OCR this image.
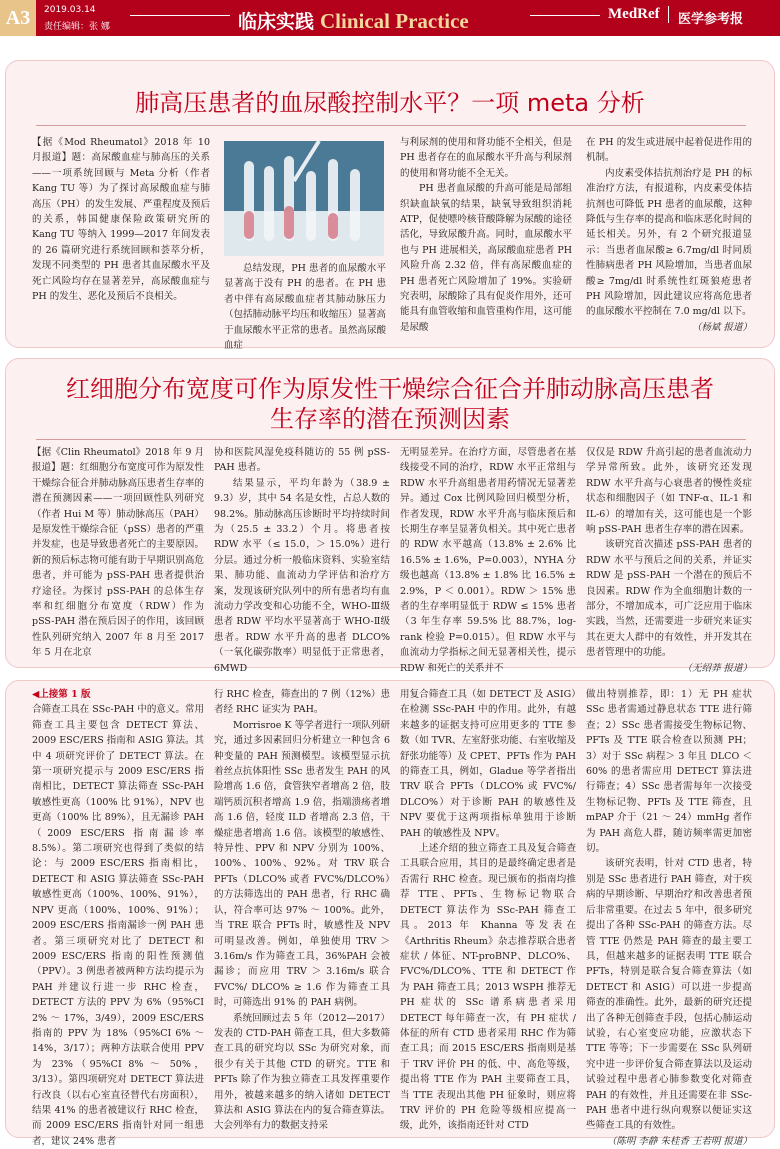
A3	2019.03.14
责任编辑：张 娜	临床实践 Clinical Practice	MedRef	医学参考报
肺高压患者的血尿酸控制水平？一项 meta 分析

【据《Mod Rheumatol》2018 年 10 月报道】题：高尿酸血症与肺高压的关系——一项系统回顾与 Meta 分析（作者 Kang TU 等）为了探讨高尿酸血症与肺高压（PH）的发生发展、严重程度及预后的关系，韩国健康保险政策研究所的 Kang TU 等纳入 1999—2017 年间发表的 26 篇研究进行系统回顾和荟萃分析，发现不同类型的 PH 患者其血尿酸水平及死亡风险均存在显著差异，高尿酸血症与 PH 的发生、恶化及预后不良相关。

总结发现，PH 患者的血尿酸水平显著高于没有 PH 的患者。在 PH 患者中伴有高尿酸血症者其肺动脉压力（包括肺动脉平均压和收缩压）显著高于血尿酸水平正常的患者。虽然高尿酸血症

与利尿剂的使用和肾功能不全相关，但是 PH 患者存在的血尿酸水平升高与利尿剂的使用和肾功能不全无关。

PH 患者血尿酸的升高可能是局部组织缺血缺氧的结果，缺氧导致组织消耗 ATP，促使嘌呤核苷酸降解为尿酸的途径活化，导致尿酸升高。同时，血尿酸水平也与 PH 进展相关，高尿酸血症患者 PH 风险升高 2.32 倍，伴有高尿酸血症的 PH 患者死亡风险增加了 19%。实验研究表明，尿酸除了具有促炎作用外，还可能具有血管收缩和血管重构作用，这可能是尿酸

在 PH 的发生或进展中起着促进作用的机制。

内皮素受体拮抗剂治疗是 PH 的标准治疗方法，有报道称，内皮素受体拮抗剂也可降低 PH 患者的血尿酸，这种降低与生存率的提高和临床恶化时间的延长相关。另外，有 2 个研究报道显示：当患者血尿酸≥ 6.7mg/dl 时同质性肺病患者 PH 风险增加，当患者血尿酸≥ 7mg/dl 时系统性红斑狼疮患者 PH 风险增加，因此建议应将高危患者的血尿酸水平控制在 7.0 mg/dl 以下。

（杨斌 报道）

红细胞分布宽度可作为原发性干燥综合征合并肺动脉高压患者
生存率的潜在预测因素

【据《Clin Rheumatol》2018 年 9 月报道】题：红细胞分布宽度可作为原发性干燥综合征合并肺动脉高压患者生存率的潜在预测因素——一项回顾性队列研究（作者 Hui M 等）肺动脉高压（PAH）是原发性干燥综合征（pSS）患者的严重并发症，也是导致患者死亡的主要原因。新的预后标志物可能有助于早期识别高危患者，并可能为 pSS-PAH 患者提供治疗途径。为探讨 pSS-PAH 的总体生存率和红细胞分布宽度（RDW）作为 pSS-PAH 潜在预后因子的作用，该回顾性队列研究纳入 2007 年 8 月至 2017 年 5 月在北京

协和医院风湿免疫科随访的 55 例 pSS-PAH 患者。

结果显示，平均年龄为（38.9 ± 9.3）岁，其中 54 名是女性，占总人数的 98.2%。肺动脉高压诊断时平均持续时间为（25.5 ± 33.2）个月。将患者按 RDW 水平（≤ 15.0，＞ 15.0%）进行分层。通过分析一般临床资料、实验室结果、肺功能、血流动力学评估和治疗方案，发现该研究队列中的所有患者均有血流动力学改变和心功能不全，WHO-Ⅲ级患者 RDW 平均水平显著高于 WHO-Ⅱ级患者。RDW 水平升高的患者 DLCO%（一氧化碳弥散率）明显低于正常患者，6MWD

无明显差异。在治疗方面，尽管患者在基线接受不同的治疗，RDW 水平正常组与 RDW 水平升高组患者用药情况无显著差异。通过 Cox 比例风险回归模型分析，作者发现，RDW 水平升高与临床预后和长期生存率呈显著负相关。其中死亡患者的 RDW 水平越高（13.8% ± 2.6% 比 16.5% ± 1.6%，P=0.003），NYHA 分级也越高（13.8% ± 1.8% 比 16.5% ± 2.9%，P ＜ 0.001）。RDW ＞ 15% 患者的生存率明显低于 RDW ≤ 15% 患者（3 年生存率 59.5% 比 88.7%，log-rank 检验 P=0.015）。但 RDW 水平与血流动力学指标之间无显著相关性，提示 RDW 和死亡的关系并不

仅仅是 RDW 升高引起的患者血流动力学异常所致。此外，该研究还发现 RDW 水平升高与心衰患者的慢性炎症状态和细胞因子（如 TNF-α、IL-1 和 IL-6）的增加有关，这可能也是一个影响 pSS-PAH 患者生存率的潜在因素。

该研究首次描述 pSS-PAH 患者的 RDW 水平与预后之间的关系，并证实 RDW 是 pSS-PAH 一个潜在的预后不良因素。RDW 作为全血细胞计数的一部分，不增加成本，可广泛应用于临床实践，当然，还需要进一步研究来证实其在更大人群中的有效性，并开发其在患者管理中的功能。

（无绍莽 报道）

◀上接第 1 版

合筛查工具在 SSc-PAH 中的意义。常用筛查工具主要包含 DETECT 算法、2009 ESC/ERS 指南和 ASIG 算法。其中 4 项研究评价了 DETECT 算法。在第一项研究提示与 2009 ESC/ERS 指南相比，DETECT 算法筛查 SSc-PAH 敏感性更高（100% 比 91%），NPV 也更高（100% 比 89%），且无漏诊 PAH（2009 ESC/ERS 指南漏诊率 8.5%）。第二项研究也得到了类似的结论：与 2009 ESC/ERS 指南相比，DETECT 和 ASIG 算法筛查 SSc-PAH 敏感性更高（100%、100%、91%），NPV 更高（100%、100%、91%）；2009 ESC/ERS 指南漏诊一例 PAH 患者。第三项研究对比了 DETECT 和 2009 ESC/ERS 指南的阳性预测值（PPV）。3 例患者被两种方法均提示为 PAH 并建议行进一步 RHC 检查，DETECT 方法的 PPV 为 6%（95%CI 2% ～ 17%，3/49），2009 ESC/ERS 指南的 PPV 为 18%（95%CI 6% ～ 14%，3/17）；两种方法联合使用 PPV 为 23%（95%CI 8% ～ 50%，3/13）。第四项研究对 DETECT 算法进行改良（以右心室直径替代右房面积），结果 41% 的患者被建议行 RHC 检查，而 2009 ESC/ERS 指南针对同一组患者，建议 24% 患者

行 RHC 检查，筛查出的 7 例（12%）患者经 RHC 证实为 PAH。

Morrisroe K 等学者进行一项队列研究，通过多因素回归分析建立一种包含 6 种变量的 PAH 预测模型。该模型显示抗着丝点抗体阳性 SSc 患者发生 PAH 的风险增高 1.6 倍，食管狭窄者增高 2 倍，肢端钙质沉积者增高 1.9 倍，指端溃疡者增高 1.6 倍，轻度 ILD 者增高 2.3 倍，干燥症患者增高 1.6 倍。该模型的敏感性、特异性、PPV 和 NPV 分别为 100%、100%、100%、92%。对 TRV 联合 PFTs（DLCO% 或者 FVC%/DLCO%）的方法筛选出的 PAH 患者，行 RHC 确认，符合率可达 97% ～ 100%。此外，当 TRE 联合 PFTs 时，敏感性及 NPV 可明显改善。例如，单独使用 TRV ＞ 3.16m/s 作为筛查工具，36%PAH 会被漏诊；而应用 TRV ＞ 3.16m/s 联合 FVC%/ DLCO% ≥ 1.6 作为筛查工具时，可筛选出 91% 的 PAH 病例。

系统回顾过去 5 年（2012—2017）发表的 CTD-PAH 筛查工具，但大多数筛查工具的研究均以 SSc 为研究对象，而很少有关于其他 CTD 的研究。TTE 和 PFTs 除了作为独立筛查工具发挥重要作用外，被越来越多的纳入诸如 DETECT 算法和 ASIG 算法在内的复合筛查算法。大会列举有力的数据支持采

用复合筛查工具（如 DETECT 及 ASIG）在检测 SSc-PAH 中的作用。此外，有越来越多的证据支持可应用更多的 TTE 参数（如 TVR、左室舒张功能、右室收缩及舒张功能等）及 CPET、PFTs 作为 PAH 的筛查工具，例如，Gladue 等学者指出 TRV 联合 PFTs（DLCO% 或 FVC%/ DLCO%）对于诊断 PAH 的敏感性及 NPV 要优于这两项指标单独用于诊断 PAH 的敏感性及 NPV。

上述介绍的独立筛查工具及复合筛查工具联合应用，其目的是最终确定患者是否需行 RHC 检查。现已颁布的指南均推荐 TTE、PFTs、生物标记物联合 DETECT 算法作为 SSc-PAH 筛查工具。2013 年 Khanna 等发表在《Arthritis Rheum》杂志推荐联合患者症状 / 体征、NT-proBNP、DLCO%、FVC%/DLCO%、TTE 和 DETECT 作为 PAH 筛查工具；2013 WSPH 推荐无 PH 症状的 SSc 谱系病患者采用 DETECT 每年筛查一次，有 PH 症状 / 体征的所有 CTD 患者采用 RHC 作为筛查工具；而 2015 ESC/ERS 指南则是基于 TRV 评价 PH 的低、中、高危等级，提出将 TTE 作为 PAH 主要筛查工具，当 TTE 表现出其他 PH 征象时，则应将 TRV 评价的 PH 危险等级相应提高一级，此外，该指南还针对 CTD

做出特别推荐，即：1）无 PH 症状 SSc 患者需通过静息状态 TTE 进行筛查；2）SSc 患者需接受生物标记物、PFTs 及 TTE 联合检查以预测 PH；3）对于 SSc 病程＞ 3 年且 DLCO ＜ 60% 的患者需应用 DETECT 算法进行筛查；4）SSc 患者需每年一次接受生物标记物、PFTs 及 TTE 筛查，且 mPAP 介于（21 ～ 24）mmHg 者作为 PAH 高危人群，随访频率需更加密切。

该研究表明，针对 CTD 患者，特别是 SSc 患者进行 PAH 筛查，对于疾病的早期诊断、早期治疗和改善患者预后非常重要。在过去 5 年中，很多研究提出了各种 SSc-PAH 的筛查方法。尽管 TTE 仍然是 PAH 筛查的最主要工具，但越来越多的证据表明 TTE 联合 PFTs，特别是联合复合筛查算法（如 DETECT 和 ASIG）可以进一步提高筛查的准确性。此外，最新的研究还提出了各种无创筛查手段，包括心肺运动试验，右心室变应功能，应激状态下 TTE 等等；下一步需要在 SSc 队列研究中进一步评价复合筛查算法以及运动试验过程中患者心肺参数变化对筛查 PAH 的有效性，并且还需要在非 SSc-PAH 患者中进行纵向观察以便证实这些筛查工具的有效性。

（陈明 李静 朱桂香 王若明 报道）
